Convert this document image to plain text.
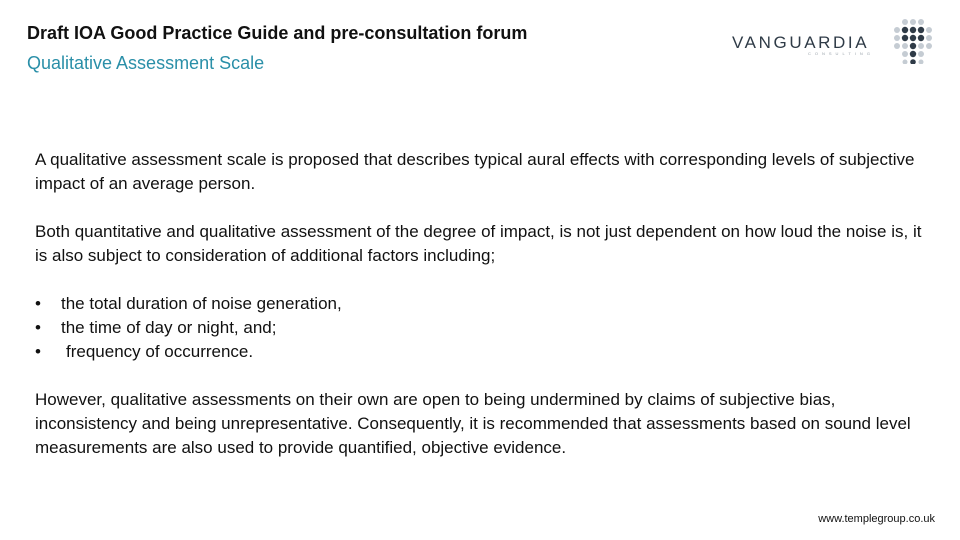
Draft IOA Good Practice Guide and pre-consultation forum
Qualitative Assessment Scale
VANGUARDIA
CONSULTING

A qualitative assessment scale is proposed that describes typical aural effects with corresponding levels of subjective impact of an average person.

Both quantitative and qualitative assessment of the degree of impact, is not just dependent on how loud the noise is, it is also subject to consideration of additional factors including;

• the total duration of noise generation,
• the time of day or night, and;
• frequency of occurrence.

However, qualitative assessments on their own are open to being undermined by claims of subjective bias, inconsistency and being unrepresentative. Consequently, it is recommended that assessments based on sound level measurements are also used to provide quantified, objective evidence.

www.templegroup.co.uk
